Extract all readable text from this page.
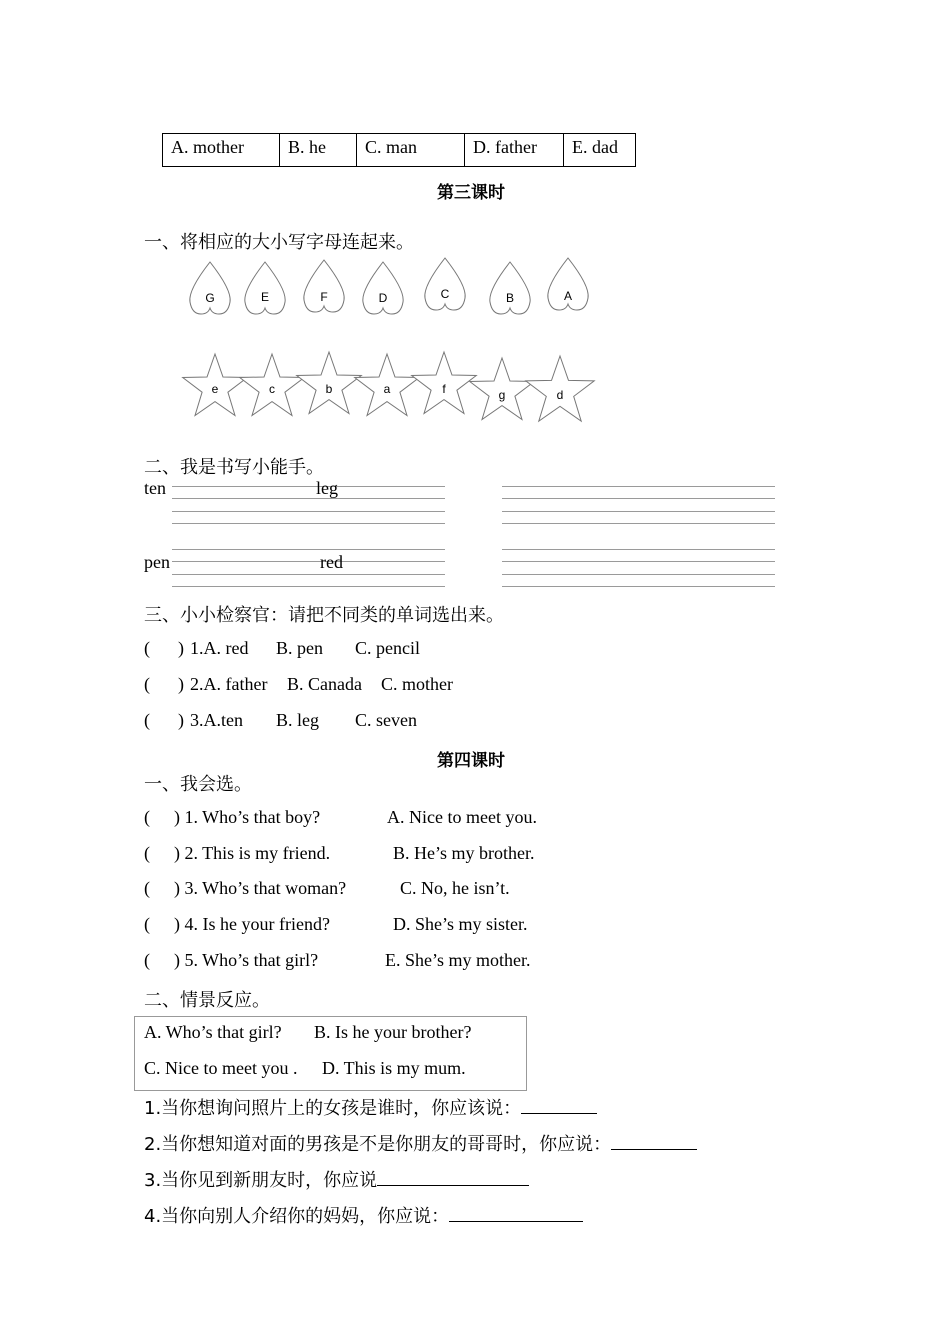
A. mother	B. he	C. man	D. father	E. dad
第三课时
一、将相应的大小写字母连起来。
G	E	F	D	C	B	A
e	c	b	a	f	g	d
二、我是书写小能手。
ten	leg
pen	red
三、小小检察官：请把不同类的单词选出来。
( ) 1.A. red B. pen C. pencil
( ) 2.A. father B. Canada C. mother
( ) 3.A.ten B. leg C. seven
第四课时
一、我会选。
( ) 1. Who’s that boy?	A. Nice to meet you.
( ) 2. This is my friend.	B. He’s my brother.
( ) 3. Who’s that woman?	C. No, he isn’t.
( ) 4. Is he your friend?	D. She’s my sister.
( ) 5. Who’s that girl?	E. She’s my mother.
二、情景反应。
A. Who’s that girl? B. Is he your brother?
C. Nice to meet you . D. This is my mum.
1.当你想询问照片上的女孩是谁时，你应该说：
2.当你想知道对面的男孩是不是你朋友的哥哥时，你应说：
3.当你见到新朋友时，你应说
4.当你向别人介绍你的妈妈，你应说：
